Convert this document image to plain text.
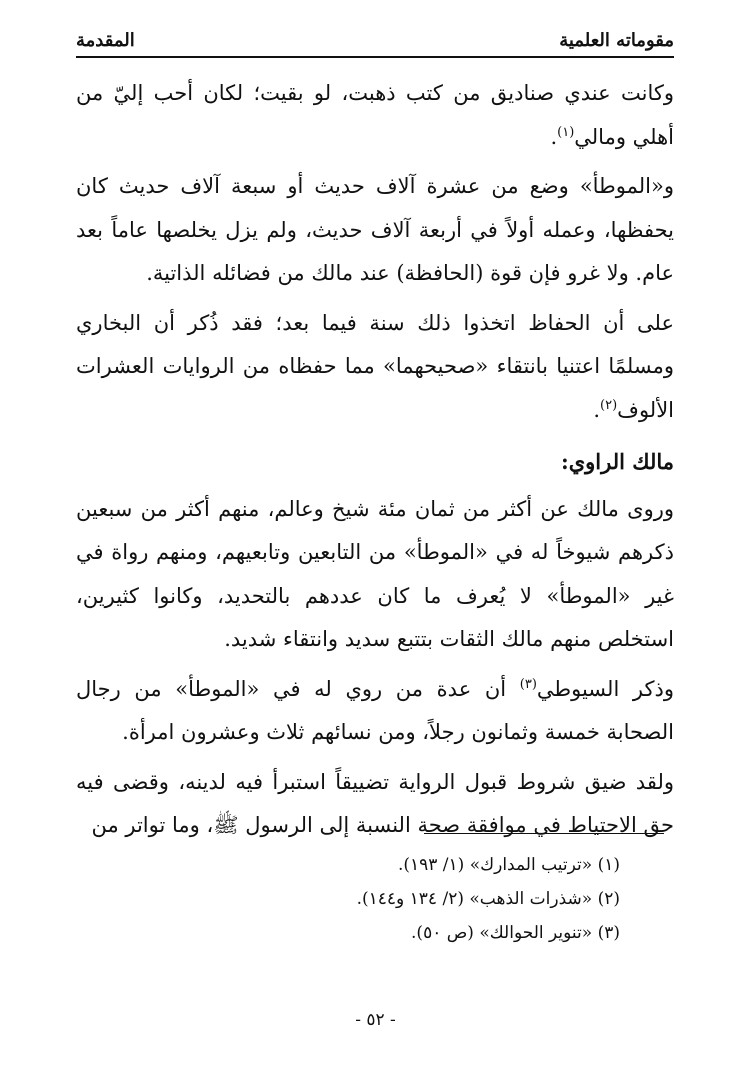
مقوماته العلمية
المقدمة

وكانت عندي صناديق من كتب ذهبت، لو بقيت؛ لكان أحب إليّ من أهلي ومالي$^{(١)}$.

و«الموطأ» وضع من عشرة آلاف حديث أو سبعة آلاف حديث كان يحفظها، وعمله أولاً في أربعة آلاف حديث، ولم يزل يخلصها عاماً بعد عام. ولا غرو فإن قوة (الحافظة) عند مالك من فضائله الذاتية.

على أن الحفاظ اتخذوا ذلك سنة فيما بعد؛ فقد ذُكر أن البخاري ومسلمًا اعتنيا بانتقاء «صحيحهما» مما حفظاه من الروايات العشرات الألوف$^{(٢)}$.

مالك الراوي:

وروى مالك عن أكثر من ثمان مئة شيخ وعالم، منهم أكثر من سبعين ذكرهم شيوخاً له في «الموطأ» من التابعين وتابعيهم، ومنهم رواة في غير «الموطأ» لا يُعرف ما كان عددهم بالتحديد، وكانوا كثيرين، استخلص منهم مالك الثقات بتتبع سديد وانتقاء شديد.

وذكر السيوطي$^{(٣)}$ أن عدة من روي له في «الموطأ» من رجال الصحابة خمسة وثمانون رجلاً، ومن نسائهم ثلاث وعشرون امرأة.

ولقد ضيق شروط قبول الرواية تضييقاً استبرأ فيه لدينه، وقضى فيه حق الاحتياط في موافقة صحة النسبة إلى الرسول ﷺ، وما تواتر من

(١) «ترتيب المدارك» (١/ ١٩٣).

(٢) «شذرات الذهب» (٢/ ١٣٤ و١٤٤).

(٣) «تنوير الحوالك» (ص ٥٠).

- ٥٢ -
